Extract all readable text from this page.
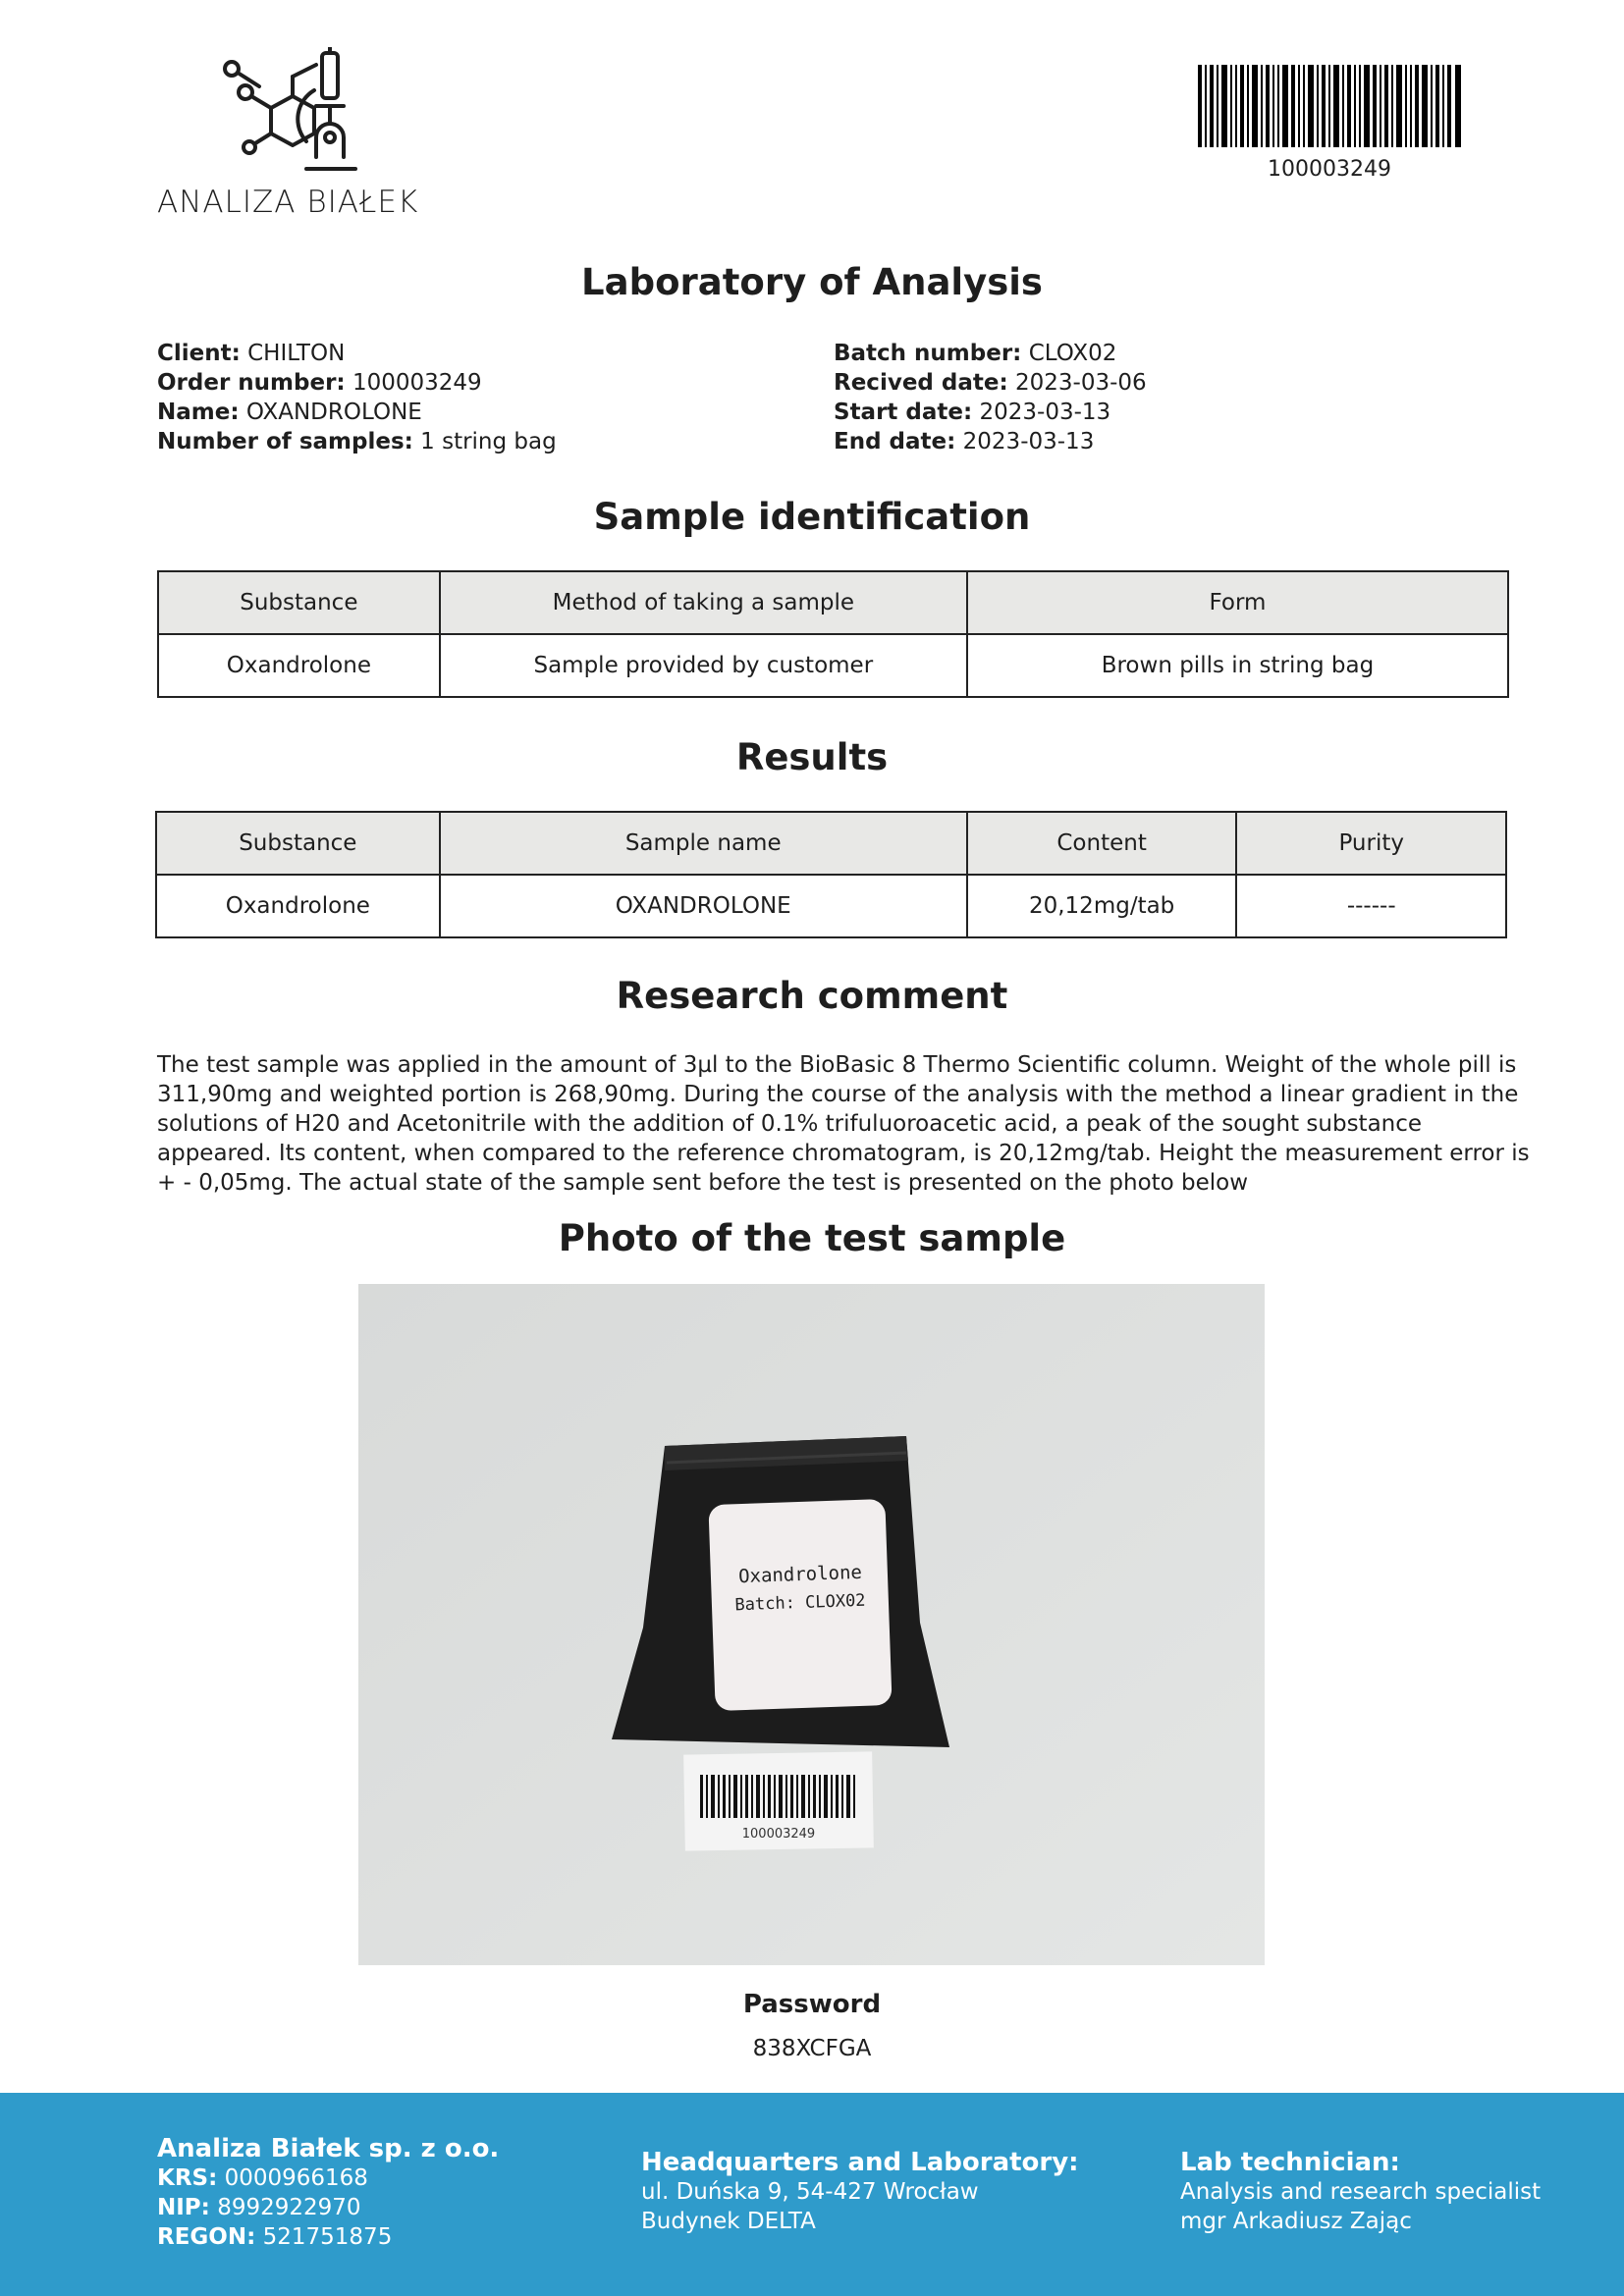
ANALIZA BIAŁEK
100003249
Laboratory of Analysis
Client: CHILTON
Order number: 100003249
Name: OXANDROLONE
Number of samples: 1 string bag
Batch number: CLOX02
Recived date: 2023-03-06
Start date: 2023-03-13
End date: 2023-03-13
Sample identification
Substance	Method of taking a sample	Form
Oxandrolone	Sample provided by customer	Brown pills in string bag
Results
Substance	Sample name	Content	Purity
Oxandrolone	OXANDROLONE	20,12mg/tab	------
Research comment
The test sample was applied in the amount of 3µl to the BioBasic 8 Thermo Scientific column. Weight of the whole pill is 311,90mg and weighted portion is 268,90mg. During the course of the analysis with the method a linear gradient in the solutions of H20 and Acetonitrile with the addition of 0.1% trifuluoroacetic acid, a peak of the sought substance appeared. Its content, when compared to the reference chromatogram, is 20,12mg/tab. Height the measurement error is + - 0,05mg. The actual state of the sample sent before the test is presented on the photo below
Photo of the test sample
Oxandrolone
Batch: CLOX02
100003249
Password
838XCFGA
Analiza Białek sp. z o.o.
KRS: 0000966168
NIP: 8992922970
REGON: 521751875
Headquarters and Laboratory:
ul. Duńska 9, 54-427 Wrocław
Budynek DELTA
Lab technician:
Analysis and research specialist
mgr Arkadiusz Zając
